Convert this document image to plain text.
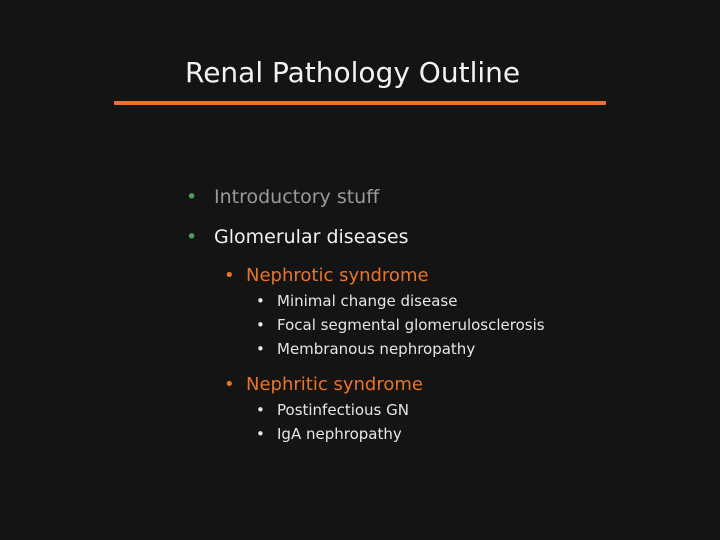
Renal Pathology Outline
• Introductory stuff
• Glomerular diseases
• Nephrotic syndrome
• Minimal change disease
• Focal segmental glomerulosclerosis
• Membranous nephropathy
• Nephritic syndrome
• Postinfectious GN
• IgA nephropathy
